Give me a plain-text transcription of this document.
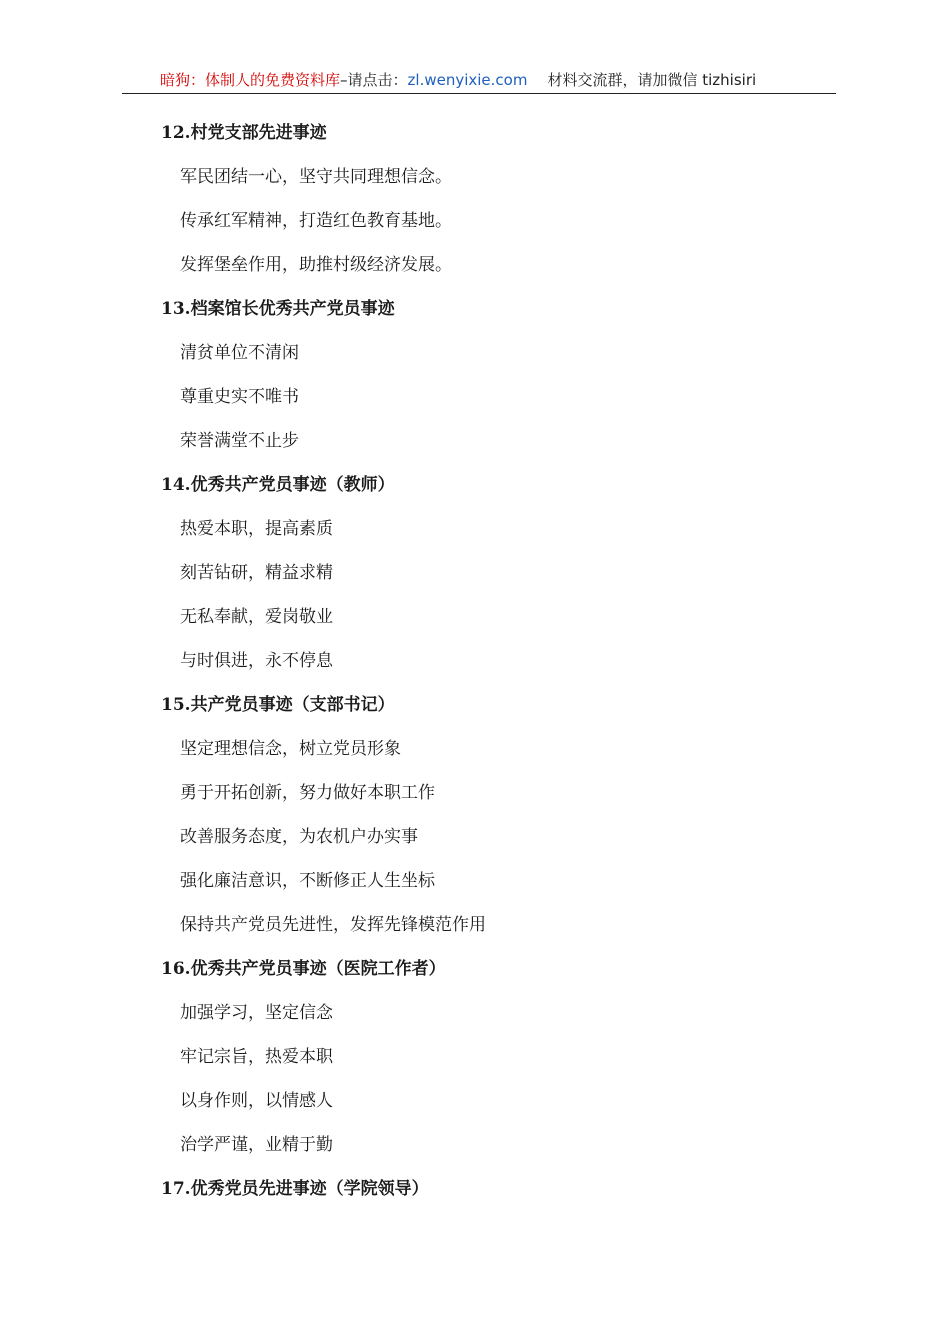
暗狗：体制人的免费资料库–请点击：zl.wenyixie.com 材料交流群，请加微信 tizhisiri
12.村党支部先进事迹
军民团结一心，坚守共同理想信念。
传承红军精神，打造红色教育基地。
发挥堡垒作用，助推村级经济发展。
13.档案馆长优秀共产党员事迹
清贫单位不清闲
尊重史实不唯书
荣誉满堂不止步
14.优秀共产党员事迹（教师）
热爱本职，提高素质
刻苦钻研，精益求精
无私奉献，爱岗敬业
与时俱进，永不停息
15.共产党员事迹（支部书记）
坚定理想信念，树立党员形象
勇于开拓创新，努力做好本职工作
改善服务态度，为农机户办实事
强化廉洁意识，不断修正人生坐标
保持共产党员先进性，发挥先锋模范作用
16.优秀共产党员事迹（医院工作者）
加强学习，坚定信念
牢记宗旨，热爱本职
以身作则，以情感人
治学严谨，业精于勤
17.优秀党员先进事迹（学院领导）
